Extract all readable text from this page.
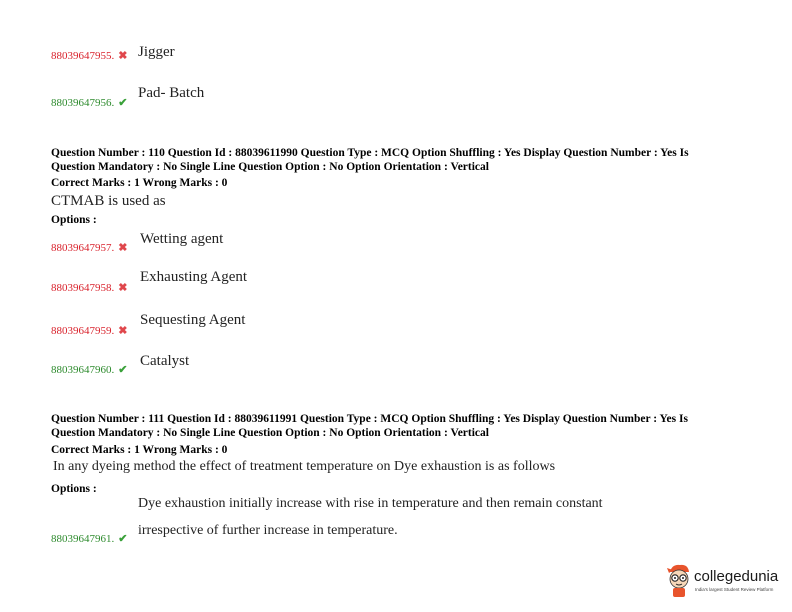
88039647955. ✖ Jigger
88039647956. ✔
Pad- Batch
Question Number : 110 Question Id : 88039611990 Question Type : MCQ Option Shuffling : Yes Display Question Number : Yes Is
Question Mandatory : No Single Line Question Option : No Option Orientation : Vertical
Correct Marks : 1 Wrong Marks : 0
CTMAB is used as
Options :
88039647957. ✖
Wetting agent
88039647958. ✖
Exhausting Agent
88039647959. ✖
Sequesting Agent
88039647960. ✔
Catalyst
Question Number : 111 Question Id : 88039611991 Question Type : MCQ Option Shuffling : Yes Display Question Number : Yes Is
Question Mandatory : No Single Line Question Option : No Option Orientation : Vertical
Correct Marks : 1 Wrong Marks : 0
In any dyeing method the effect of treatment temperature on Dye exhaustion is as follows
Options :
Dye exhaustion initially increase with rise in temperature and then remain constant
88039647961. ✔
irrespective of further increase in temperature.
collegedunia
India's largest Student Review Platform
